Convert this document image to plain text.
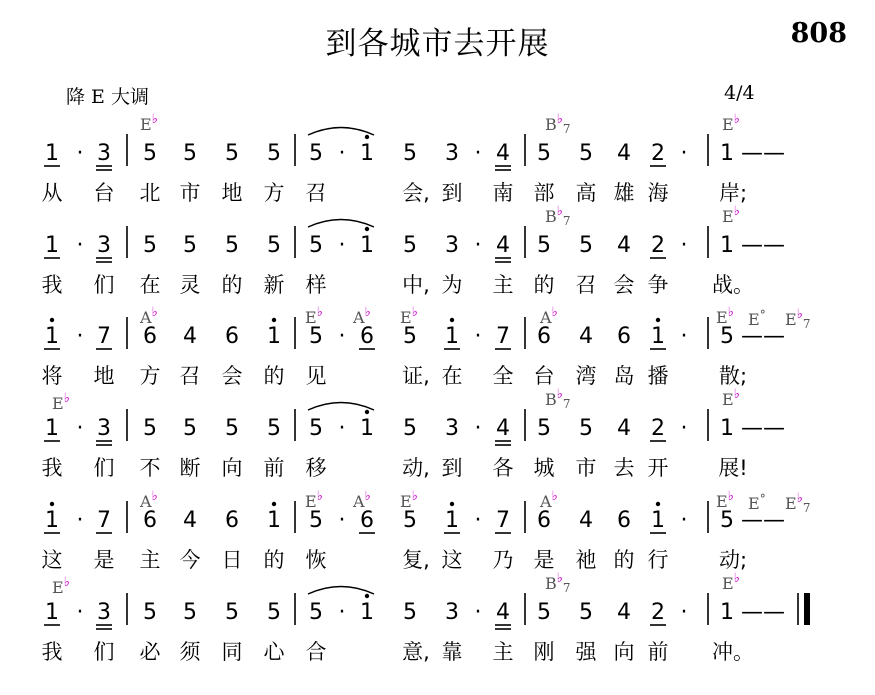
到各城市去开展	808
降 E 大调	4/4
1 · 3 5 5 5 5 5 · 1 5 3 · 4 5 5 4 2 · 1 ——
E♭	$B^♭_7$	E♭
从 台 北 市 地 方 召	会, 到 南 部 高 雄 海 岸;
1 · 3 5 5 5 5 5 · 1 5 3 · 4 5 5 4 2 · 1 ——
$B^♭_7$	E♭
我 们 在 灵 的 新 样	中, 为 主 的 召 会 争 战。
1 · 7 6 4 6 1 5 · 6 5 1 · 7 6 4 6 1 · 5 ——
A♭	E♭ A♭ E♭	A♭	E♭ E° $E^♭_7$
将 地 方 召 会 的 见	证, 在 全 台 湾 岛 播 散;
1 · 3 5 5 5 5 5 · 1 5 3 · 4 5 5 4 2 · 1 ——
E♭	$B^♭_7$	E♭
我 们 不 断 向 前 移	动, 到 各 城 市 去 开 展!
1 · 7 6 4 6 1 5 · 6 5 1 · 7 6 4 6 1 · 5 ——
A♭	E♭ A♭ E♭	A♭	E♭ E° $E^♭_7$
这 是 主 今 日 的 恢	复, 这 乃 是 祂 的 行 动;
1 · 3 5 5 5 5 5 · 1 5 3 · 4 5 5 4 2 · 1 ——
E♭	$B^♭_7$	E♭
我 们 必 须 同 心 合	意, 靠 主 刚 强 向 前 冲。
